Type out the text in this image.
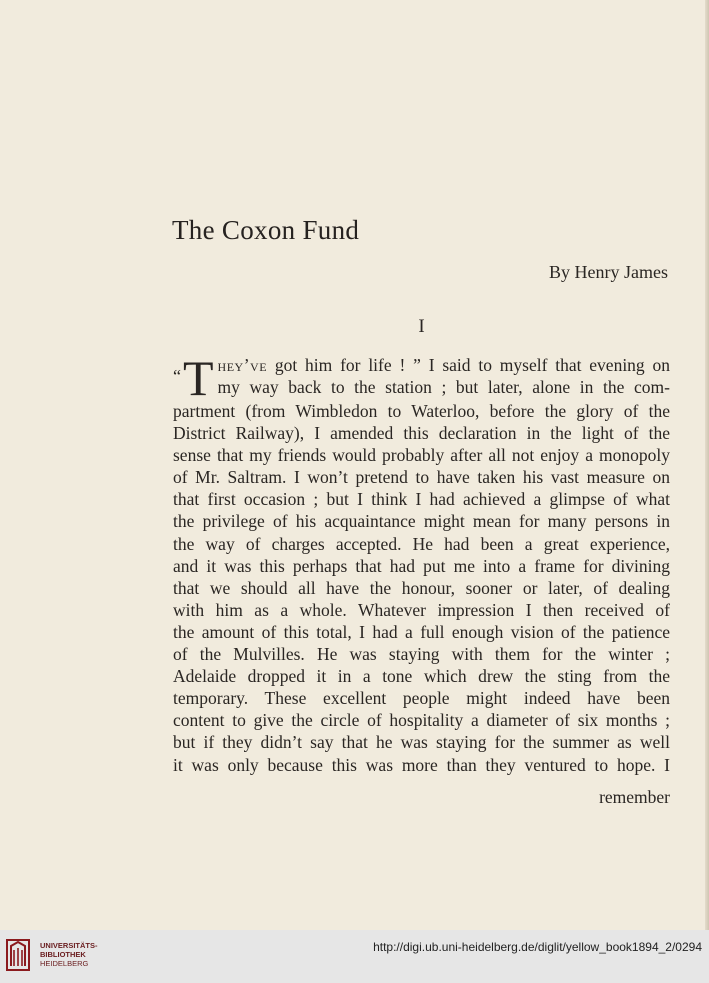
The Coxon Fund
By Henry James
I
“T hey’ve got him for life ! ” I said to myself that evening on
my way back to the station ; but later, alone in the com-
partment (from Wimbledon to Waterloo, before the glory of the
District Railway), I amended this declaration in the light of the
sense that my friends would probably after all not enjoy a monopoly
of Mr. Saltram. I won’t pretend to have taken his vast measure on
that first occasion ; but I think I had achieved a glimpse of what
the privilege of his acquaintance might mean for many persons in
the way of charges accepted. He had been a great experience,
and it was this perhaps that had put me into a frame for divining
that we should all have the honour, sooner or later, of dealing
with him as a whole. Whatever impression I then received of
the amount of this total, I had a full enough vision of the patience
of the Mulvilles. He was staying with them for the winter ;
Adelaide dropped it in a tone which drew the sting from the
temporary. These excellent people might indeed have been
content to give the circle of hospitality a diameter of six months ;
but if they didn’t say that he was staying for the summer as well
it was only because this was more than they ventured to hope. I
remember
UNIVERSITÄTS-
BIBLIOTHEK
HEIDELBERG
http://digi.ub.uni-heidelberg.de/diglit/yellow_book1894_2/0294
